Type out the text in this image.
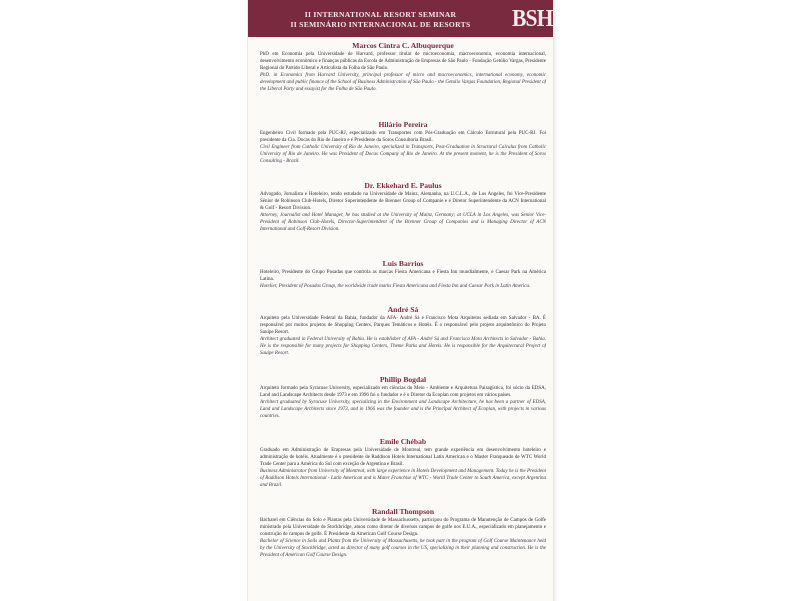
II INTERNATIONAL RESORT SEMINAR
II SEMINÁRIO INTERNACIONAL DE RESORTS	BSH
Marcos Cintra C. Albuquerque

PhD em Economia pela Universidade de Harvard, professor titular de microeconomia, macroeconomia, economia internacional, desenvolvimento econômico e finanças públicas da Escola de Administração de Empresas de São Paulo - Fundação Getúlio Vargas, Presidente Regional do Partido Liberal e Articulista da Folha de São Paulo.

PhD. in Economics from Harvard University, principal professor of micro and macroeconomics, international economy, economic development and public finance of the School of Business Administration of São Paulo - the Getulio Vargas Foundation, Regional President of the Liberal Party and essayist for the Folha de São Paulo.

Hilário Pereira

Engenheiro Civil formado pela PUC-RJ, especializado em Transportes com Pós-Graduação em Cálculo Estrutural pela PUC-RJ. Foi presidente da Cia. Docas do Rio de Janeiro e é Presidente da Soros Consultoria Brasil.

Civil Engineer from Catholic University of Rio de Janeiro, specialized in Transports, Post-Graduation in Structural Calculus from Catholic University of Rio de Janeiro. He was President of Docas Company of Rio de Janeiro. At the present moment, he is the President of Soros Consulting - Brazil.

Dr. Ekkehard E. Paulus

Advogado, Jornalista e Hoteleiro, tendo estudado na Universidade de Mainz, Alemanha, na U.C.L.A., de Los Angeles, foi Vice-Presidente Sênior de Robinson Club-Hotels, Diretor Superintendente de Brenner Group of Companie e é Diretor Superintendente da ACN International & Golf - Resort Division.

Attorney, Journalist and Hotel Manager, he has studied at the University of Mainz, Germany; at UCLA in Los Angeles, was Senior Vice-President of Robinson Club-Hotels, Director-Superintendent of the Brenner Group of Companies and is Managing Director of ACN International and Golf-Resort Division.

Luis Barrios

Hoteleiro, Presidente do Grupo Posadas que controla as marcas Fiesta Americana e Fiesta Inn mundialmente, e Caesar Park na América Latina.

Hotelier, President of Posadas Group, the worldwide trade marks Fiesta Americana and Fiesta Inn and Caesar Park in Latin America.

André Sá

Arquiteto pela Universidade Federal da Bahia, fundador da AFA- André Sá e Francisco Mota Arquitetos sediada em Salvador - BA. É responsável por muitos projetos de Shopping Centers, Parques Temáticos e Hotéis. É o responsável pelo projeto arquitetônico do Projeto Sauípe Resort.

Architect graduated in Federal University of Bahia. He is establisher of AFA - André Sá and Francisca Mota Architects in Salvador - Bahia. He is the responsible for many projects for Shopping Centers, Theme Parks and Hotels. He is responsible for the Arquitectural Project of Sauipe Resort.

Phillip Bogdal

Arquiteto formado pela Syracuse University, especializado em ciências do Meio - Ambiente e Arquitetura Paisagística, foi sócio da EDSA, Land and Landscape Architects desde 1973 e em 1996 foi o fundador e é o Diretor da Ecoplan com projetos em vários países.

Architect graduated by Syracuse University, specializing in the Environment and Landscape Architecture, he has been a partner of EDSA, Land and Landscape Architects since 1973, and in 1966 was the founder and is the Principal Architect of Ecoplan, with projects in various countries.

Emile Chébab

Graduado em Administração de Empresas pela Universidade de Montreal, tem grande experiência em desenvolvimento hoteleiro e administração de hotéis. Atualmente é o presidente de Raddison Hotels International Latin American e o Master Franqueado de WTC World Trade Center para a América do Sul com exceção de Argentina e Brasil.

Business Administrator from University of Montreal, with large experience in Hotels Development and Management. Today he is the President of Raddison Hotels International - Latin American and is Mater Franchise of WTC - World Trade Center to South America, except Argentina and Brazil.

Randall Thompson

Bacharel em Ciências do Solo e Plantas pela Universidade de Massachussetts, participou do Programa de Manutenção de Campos de Golfe ministrado pela Universidade de Stockbridge, atuou como diretor de diversos campos de golfe nos E.U.A., especializado em planejamento e construção de campos de golfe. É Presidente da American Golf Course Design.

Bachelor of Science in Soils and Plants from the University of Massachusetts, he took part in the program of Golf Course Maintenance held by the University of Stockbridge, acted as director of many golf courses in the US, specializing in their planning and construction. He is the President of American Golf Course Design.
